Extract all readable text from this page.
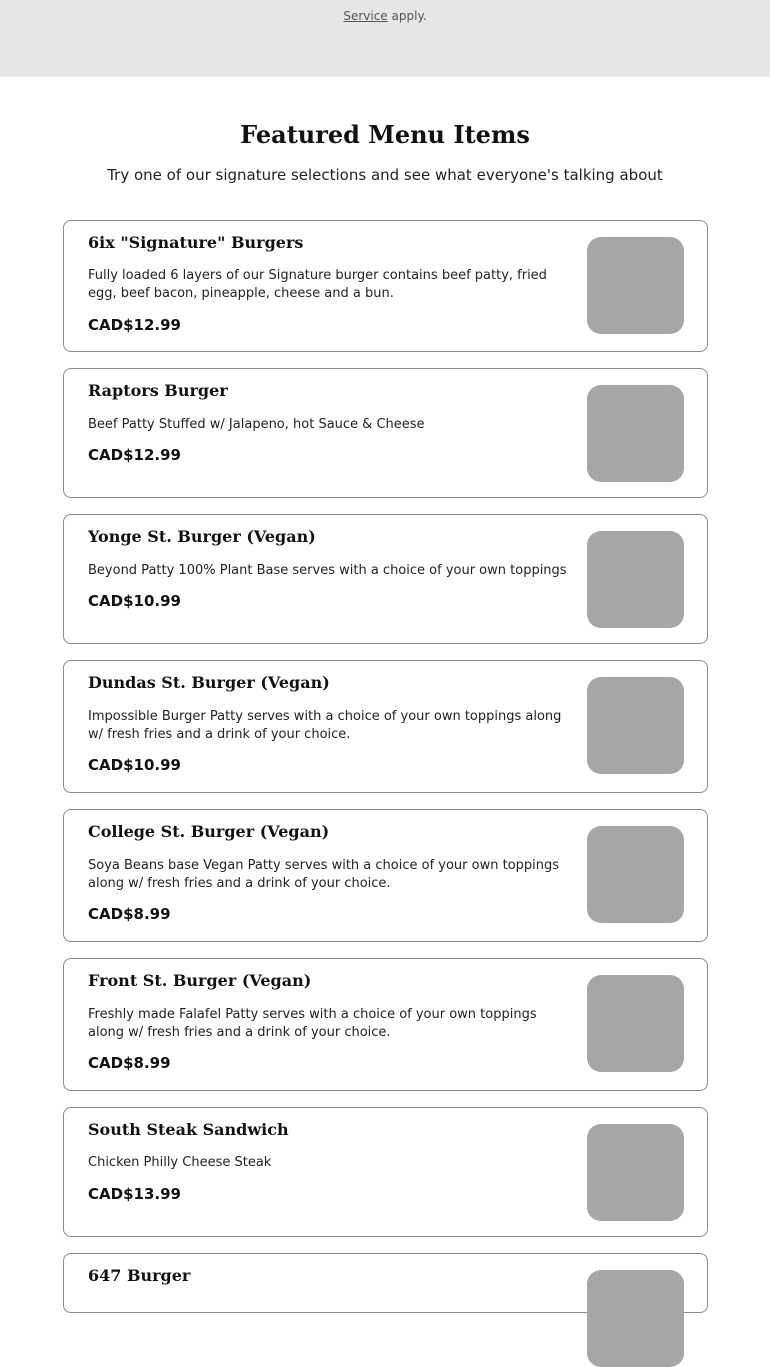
Service apply.
Featured Menu Items

Try one of our signature selections and see what everyone's talking about

6ix "Signature" Burgers
Fully loaded 6 layers of our Signature burger contains beef patty, fried egg, beef bacon, pineapple, cheese and a bun.
CAD$12.99
Raptors Burger
Beef Patty Stuffed w/ Jalapeno, hot Sauce & Cheese
CAD$12.99
Yonge St. Burger (Vegan)
Beyond Patty 100% Plant Base serves with a choice of your own toppings
CAD$10.99
Dundas St. Burger (Vegan)
Impossible Burger Patty serves with a choice of your own toppings along w/ fresh fries and a drink of your choice.
CAD$10.99
College St. Burger (Vegan)
Soya Beans base Vegan Patty serves with a choice of your own toppings along w/ fresh fries and a drink of your choice.
CAD$8.99
Front St. Burger (Vegan)
Freshly made Falafel Patty serves with a choice of your own toppings along w/ fresh fries and a drink of your choice.
CAD$8.99
South Steak Sandwich
Chicken Philly Cheese Steak
CAD$13.99
647 Burger
